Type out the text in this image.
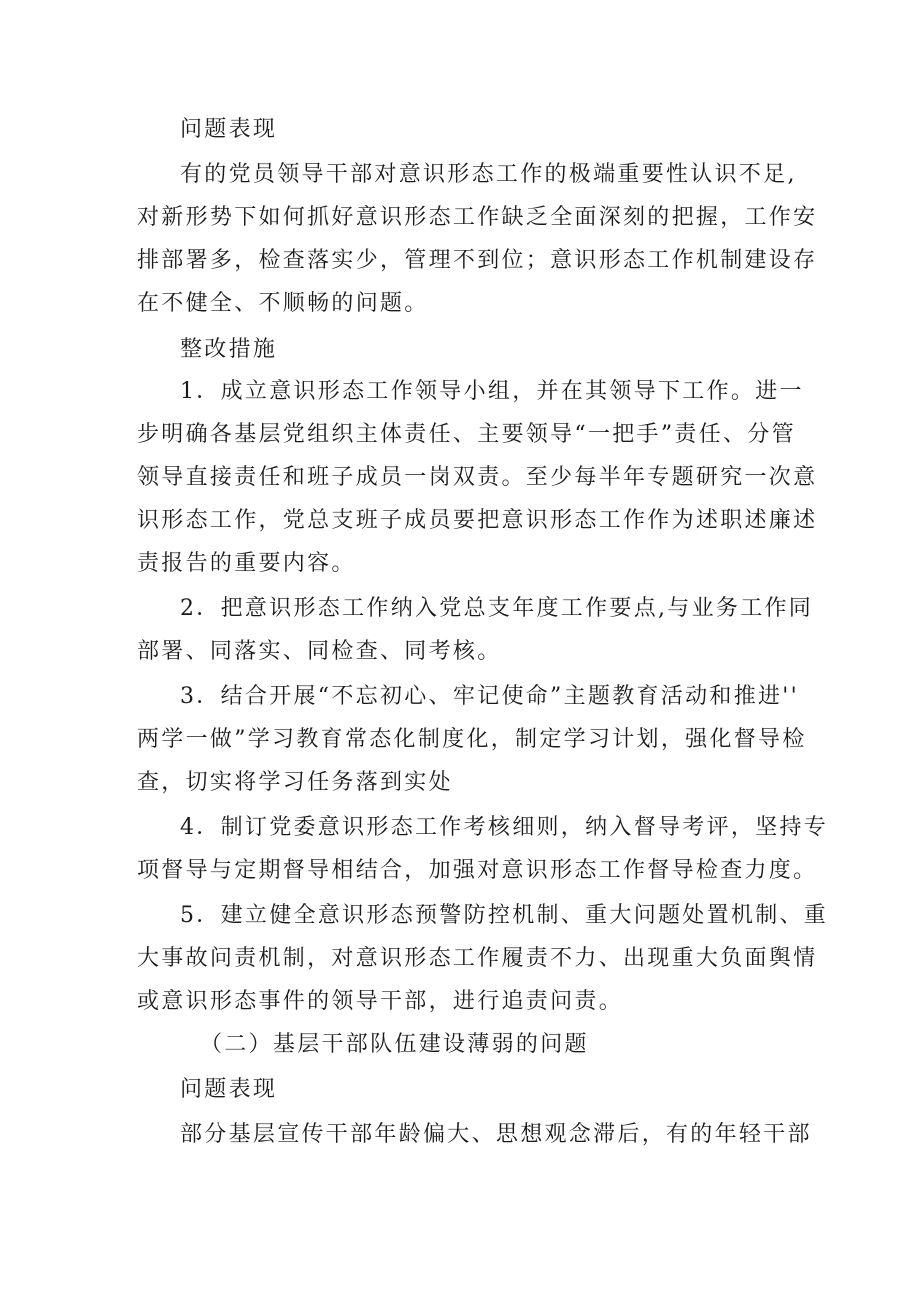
问题表现
有的党员领导干部对意识形态工作的极端重要性认识不足,
对新形势下如何抓好意识形态工作缺乏全面深刻的把握，工作安
排部署多，检查落实少，管理不到位；意识形态工作机制建设存
在不健全、不顺畅的问题。
整改措施
1．成立意识形态工作领导小组，并在其领导下工作。进一
步明确各基层党组织主体责任、主要领导“一把手”责任、分管
领导直接责任和班子成员一岗双责。至少每半年专题研究一次意
识形态工作，党总支班子成员要把意识形态工作作为述职述廉述
责报告的重要内容。
2．把意识形态工作纳入党总支年度工作要点,与业务工作同
部署、同落实、同检查、同考核。
3．结合开展“不忘初心、牢记使命”主题教育活动和推进''
两学一做”学习教育常态化制度化，制定学习计划，强化督导检
查，切实将学习任务落到实处
4．制订党委意识形态工作考核细则，纳入督导考评，坚持专
项督导与定期督导相结合，加强对意识形态工作督导检查力度。
5．建立健全意识形态预警防控机制、重大问题处置机制、重
大事故问责机制，对意识形态工作履责不力、出现重大负面舆情
或意识形态事件的领导干部，进行追责问责。
（二）基层干部队伍建设薄弱的问题
问题表现
部分基层宣传干部年龄偏大、思想观念滞后，有的年轻干部
